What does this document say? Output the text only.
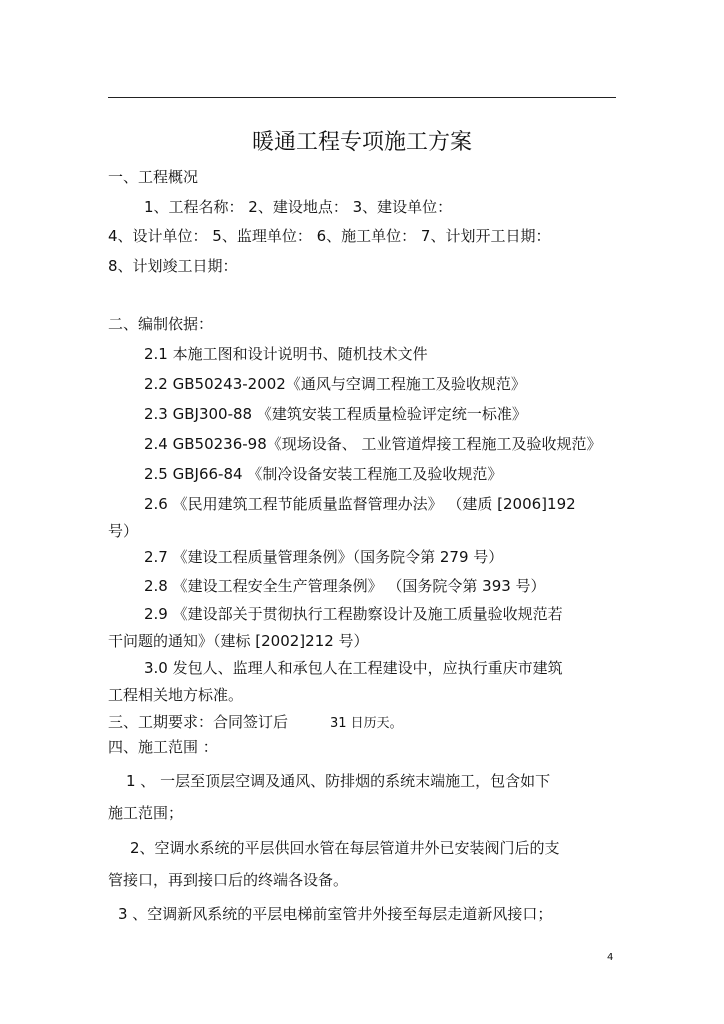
暖通工程专项施工方案
一、工程概况
1、工程名称： 2、建设地点： 3、建设单位：
4、设计单位： 5、监理单位： 6、施工单位： 7、计划开工日期：
8、计划竣工日期：
二、编制依据：
2.1 本施工图和设计说明书、随机技术文件
2.2 GB50243-2002《通风与空调工程施工及验收规范》
2.3 GBJ300-88 《建筑安装工程质量检验评定统一标准》
2.4 GB50236-98《现场设备、 工业管道焊接工程施工及验收规范》
2.5 GBJ66-84 《制冷设备安装工程施工及验收规范》
2.6 《民用建筑工程节能质量监督管理办法》 （建质 [2006]192
号）
2.7 《建设工程质量管理条例》（国务院令第 279 号）
2.8 《建设工程安全生产管理条例》 （国务院令第 393 号）
2.9 《建设部关于贯彻执行工程勘察设计及施工质量验收规范若
干问题的通知》（建标 [2002]212 号）
3.0 发包人、监理人和承包人在工程建设中，应执行重庆市建筑
工程相关地方标准。
三、工期要求：合同签订后	31 日历天。
四、施工范围 ：
1 、 一层至顶层空调及通风、防排烟的系统末端施工，包含如下
施工范围；
2、空调水系统的平层供回水管在每层管道井外已安装阀门后的支
管接口，再到接口后的终端各设备。
3 、空调新风系统的平层电梯前室管井外接至每层走道新风接口；
4
